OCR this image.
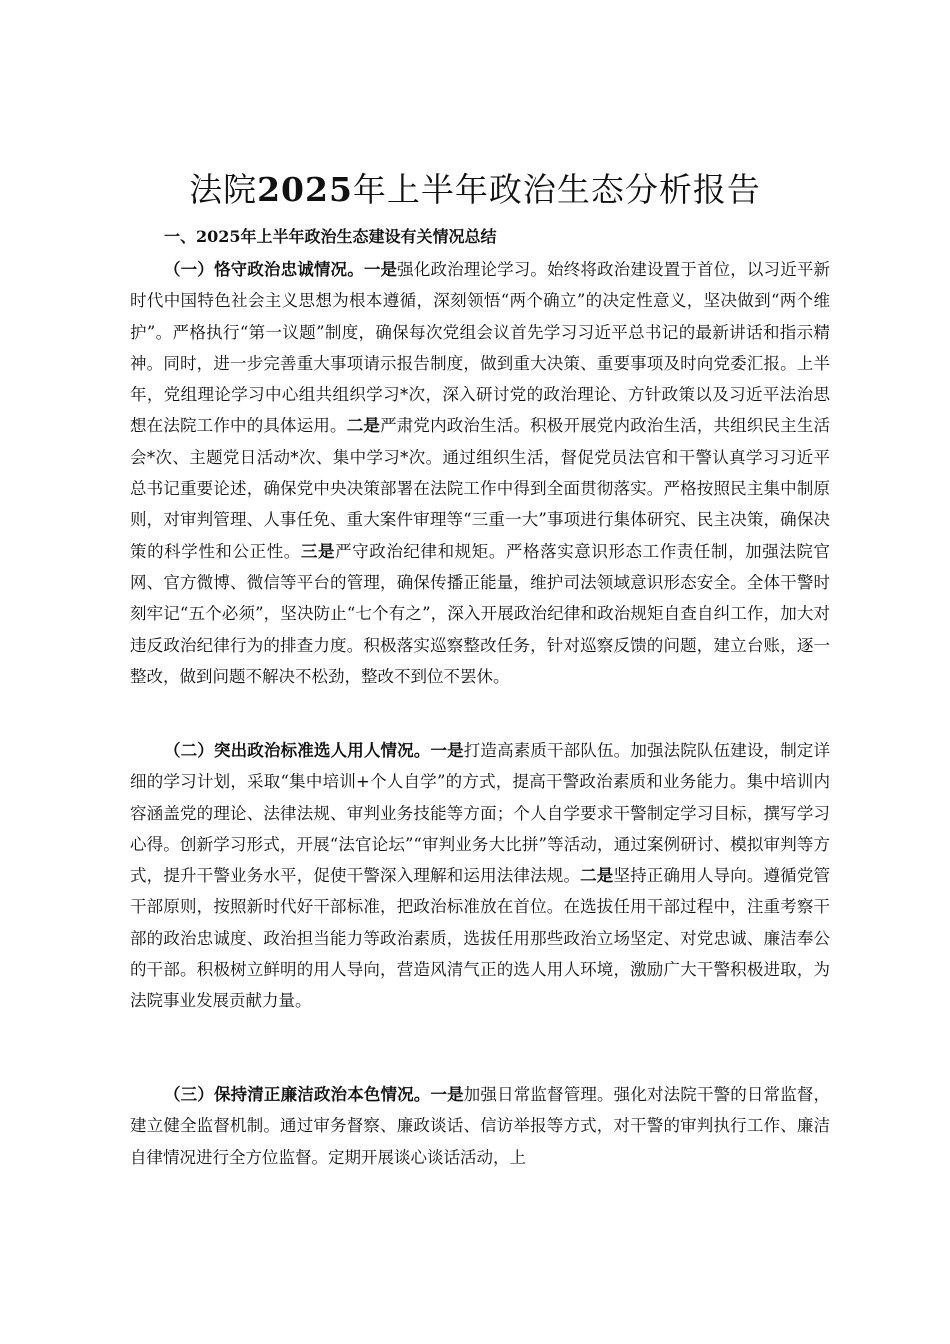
法院2025年上半年政治生态分析报告

一、2025年上半年政治生态建设有关情况总结

（一）恪守政治忠诚情况。一是强化政治理论学习。始终将政治建设置于首位，以习近平新时代中国特色社会主义思想为根本遵循，深刻领悟“两个确立”的决定性意义，坚决做到“两个维护”。严格执行“第一议题”制度，确保每次党组会议首先学习习近平总书记的最新讲话和指示精神。同时，进一步完善重大事项请示报告制度，做到重大决策、重要事项及时向党委汇报。上半年，党组理论学习中心组共组织学习*次，深入研讨党的政治理论、方针政策以及习近平法治思想在法院工作中的具体运用。二是严肃党内政治生活。积极开展党内政治生活，共组织民主生活会*次、主题党日活动*次、集中学习*次。通过组织生活，督促党员法官和干警认真学习习近平总书记重要论述，确保党中央决策部署在法院工作中得到全面贯彻落实。严格按照民主集中制原则，对审判管理、人事任免、重大案件审理等“三重一大”事项进行集体研究、民主决策，确保决策的科学性和公正性。三是严守政治纪律和规矩。严格落实意识形态工作责任制，加强法院官网、官方微博、微信等平台的管理，确保传播正能量，维护司法领域意识形态安全。全体干警时刻牢记“五个必须”，坚决防止“七个有之”，深入开展政治纪律和政治规矩自查自纠工作，加大对违反政治纪律行为的排查力度。积极落实巡察整改任务，针对巡察反馈的问题，建立台账，逐一整改，做到问题不解决不松劲，整改不到位不罢休。

（二）突出政治标准选人用人情况。一是打造高素质干部队伍。加强法院队伍建设，制定详细的学习计划，采取“集中培训+个人自学”的方式，提高干警政治素质和业务能力。集中培训内容涵盖党的理论、法律法规、审判业务技能等方面；个人自学要求干警制定学习目标，撰写学习心得。创新学习形式，开展“法官论坛”“审判业务大比拼”等活动，通过案例研讨、模拟审判等方式，提升干警业务水平，促使干警深入理解和运用法律法规。二是坚持正确用人导向。遵循党管干部原则，按照新时代好干部标准，把政治标准放在首位。在选拔任用干部过程中，注重考察干部的政治忠诚度、政治担当能力等政治素质，选拔任用那些政治立场坚定、对党忠诚、廉洁奉公的干部。积极树立鲜明的用人导向，营造风清气正的选人用人环境，激励广大干警积极进取，为法院事业发展贡献力量。

（三）保持清正廉洁政治本色情况。一是加强日常监督管理。强化对法院干警的日常监督，建立健全监督机制。通过审务督察、廉政谈话、信访举报等方式，对干警的审判执行工作、廉洁自律情况进行全方位监督。定期开展谈心谈话活动，上
